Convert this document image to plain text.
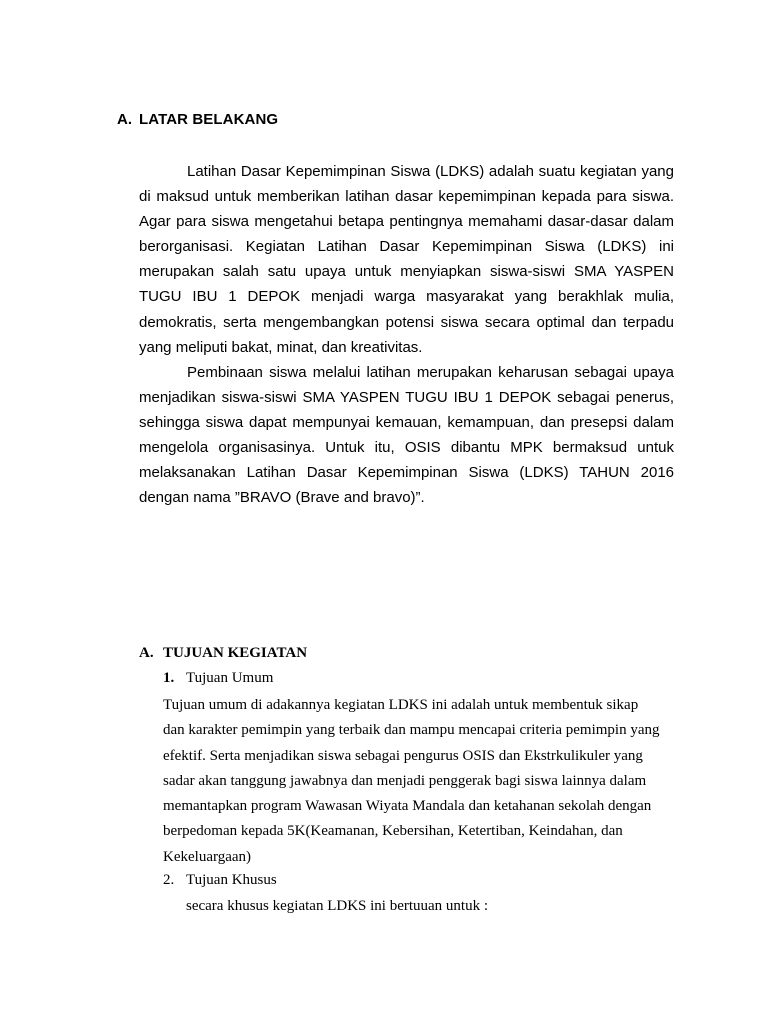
A. LATAR BELAKANG

Latihan Dasar Kepemimpinan Siswa (LDKS) adalah suatu kegiatan yang di maksud untuk memberikan latihan dasar kepemimpinan kepada para siswa. Agar para siswa mengetahui betapa pentingnya memahami dasar-dasar dalam berorganisasi. Kegiatan Latihan Dasar Kepemimpinan Siswa (LDKS) ini merupakan salah satu upaya untuk menyiapkan siswa-siswi SMA YASPEN TUGU IBU 1 DEPOK menjadi warga masyarakat yang berakhlak mulia, demokratis, serta mengembangkan potensi siswa secara optimal dan terpadu yang meliputi bakat, minat, dan kreativitas.

Pembinaan siswa melalui latihan merupakan keharusan sebagai upaya menjadikan siswa-siswi SMA YASPEN TUGU IBU 1 DEPOK sebagai penerus, sehingga siswa dapat mempunyai kemauan, kemampuan, dan presepsi dalam mengelola organisasinya. Untuk itu, OSIS dibantu MPK bermaksud untuk melaksanakan Latihan Dasar Kepemimpinan Siswa (LDKS) TAHUN 2016 dengan nama ”BRAVO (Brave and bravo)”.

A. TUJUAN KEGIATAN
1. Tujuan Umum
Tujuan umum di adakannya kegiatan LDKS ini adalah untuk membentuk sikap
dan karakter pemimpin yang terbaik dan mampu mencapai criteria pemimpin yang
efektif. Serta menjadikan siswa sebagai pengurus OSIS dan Ekstrkulikuler yang
sadar akan tanggung jawabnya dan menjadi penggerak bagi siswa lainnya dalam
memantapkan program Wawasan Wiyata Mandala dan ketahanan sekolah dengan
berpedoman kepada 5K(Keamanan, Kebersihan, Ketertiban, Keindahan, dan
Kekeluargaan)
2. Tujuan Khusus
secara khusus kegiatan LDKS ini bertuuan untuk :
